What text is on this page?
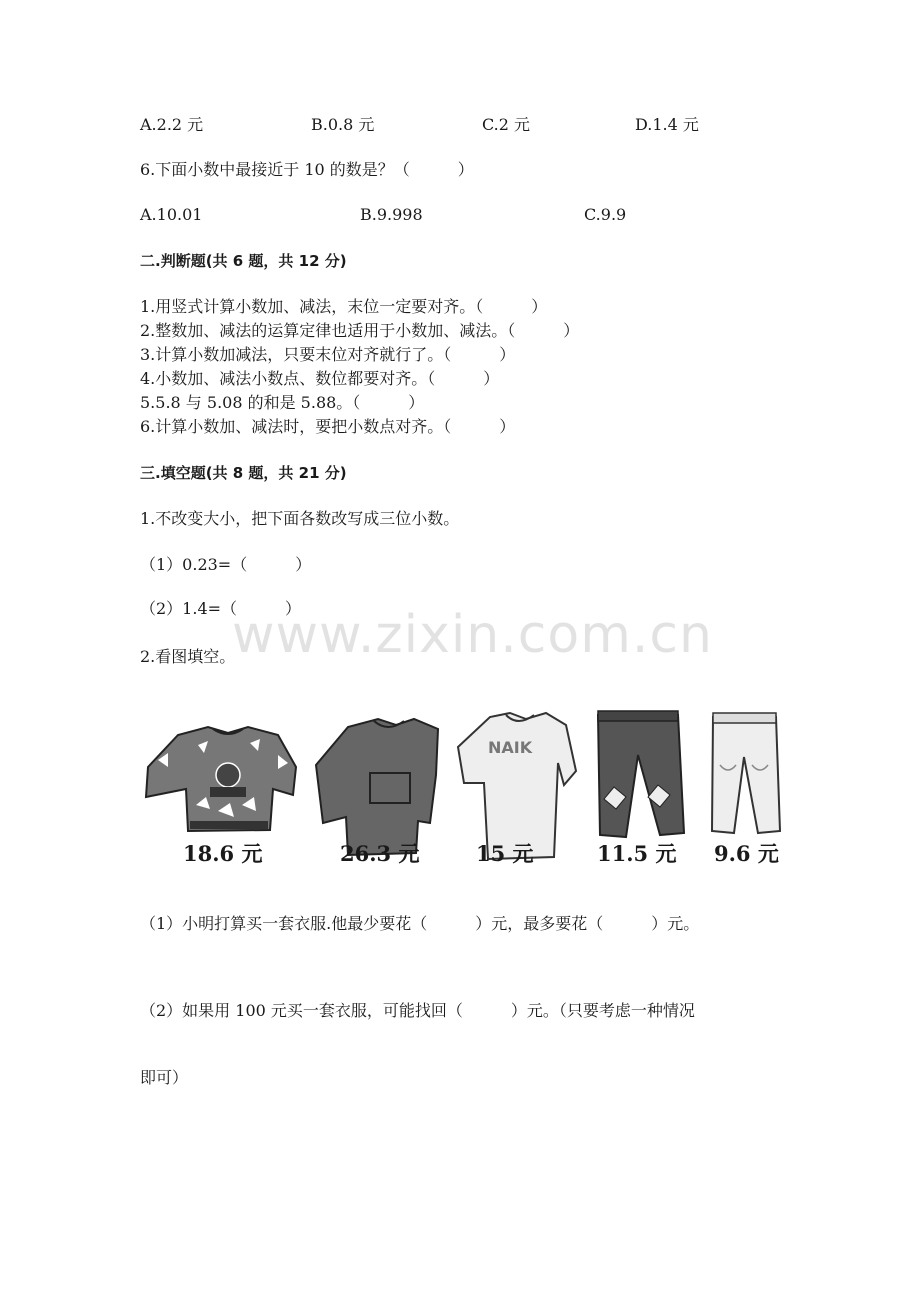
A.2.2 元	B.0.8 元	C.2 元	D.1.4 元
6.下面小数中最接近于 10 的数是？（　　　）
A.10.01	B.9.998	C.9.9
二.判断题(共 6 题，共 12 分)
1.用竖式计算小数加、减法，末位一定要对齐。（　　　）
2.整数加、减法的运算定律也适用于小数加、减法。（　　　）
3.计算小数加减法，只要末位对齐就行了。（　　　）
4.小数加、减法小数点、数位都要对齐。（　　　）
5.5.8 与 5.08 的和是 5.88。（　　　）
6.计算小数加、减法时，要把小数点对齐。（　　　）
三.填空题(共 8 题，共 21 分)
1.不改变大小，把下面各数改写成三位小数。
（1）0.23=（　　　）
（2）1.4=（　　　）
www.zixin.com.cn
2.看图填空。
NAIK
18.6 元	26.3 元	15 元	11.5 元 9.6 元
（1）小明打算买一套衣服.他最少要花（　　　）元，最多要花（　　　）元。
（2）如果用 100 元买一套衣服，可能找回（　　　）元。（只要考虑一种情况
即可）
